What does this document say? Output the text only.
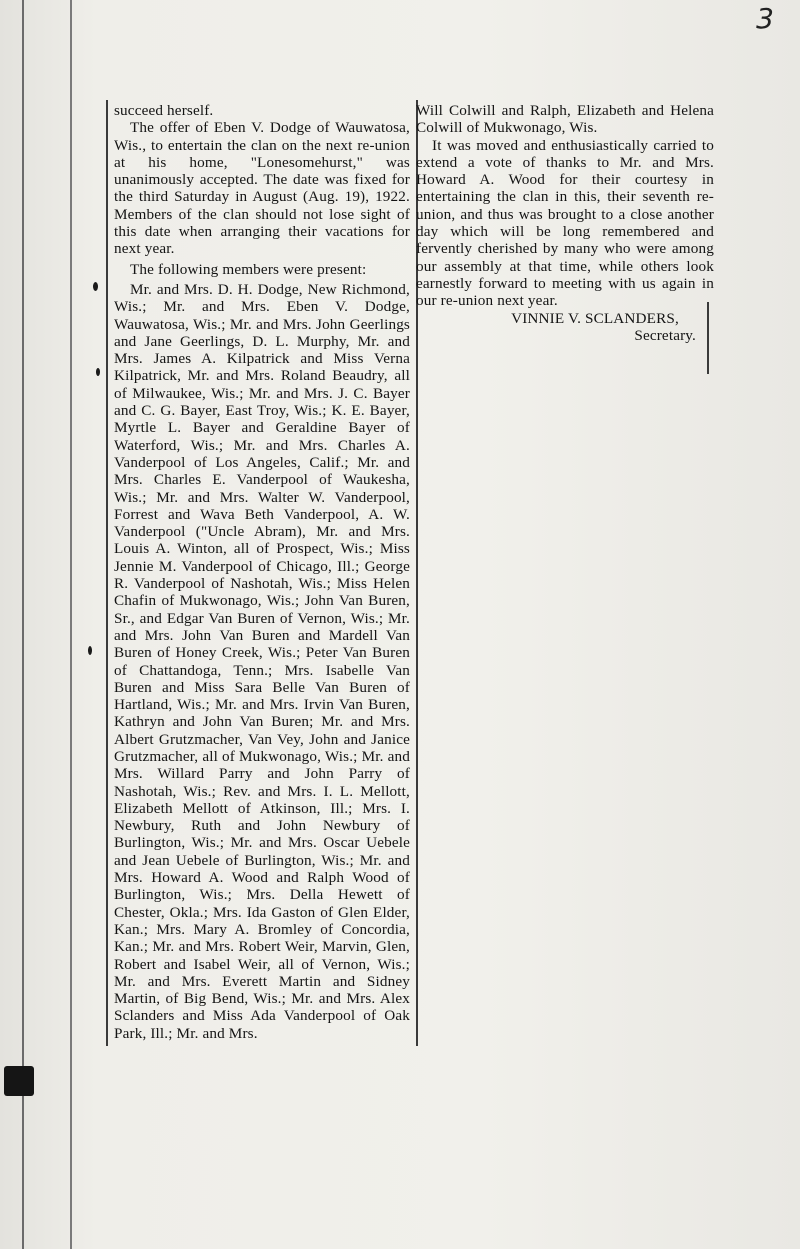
3

succeed herself.

The offer of Eben V. Dodge of Wauwatosa, Wis., to entertain the clan on the next re-union at his home, "Lonesomehurst," was unanimously accepted. The date was fixed for the third Saturday in August (Aug. 19), 1922. Members of the clan should not lose sight of this date when arranging their vacations for next year.

The following members were present:

Mr. and Mrs. D. H. Dodge, New Richmond, Wis.; Mr. and Mrs. Eben V. Dodge, Wauwatosa, Wis.; Mr. and Mrs. John Geerlings and Jane Geerlings, D. L. Murphy, Mr. and Mrs. James A. Kilpatrick and Miss Verna Kilpatrick, Mr. and Mrs. Roland Beaudry, all of Milwaukee, Wis.; Mr. and Mrs. J. C. Bayer and C. G. Bayer, East Troy, Wis.; K. E. Bayer, Myrtle L. Bayer and Geraldine Bayer of Waterford, Wis.; Mr. and Mrs. Charles A. Vanderpool of Los Angeles, Calif.; Mr. and Mrs. Charles E. Vanderpool of Waukesha, Wis.; Mr. and Mrs. Walter W. Vanderpool, Forrest and Wava Beth Vanderpool, A. W. Vanderpool ("Uncle Abram), Mr. and Mrs. Louis A. Winton, all of Prospect, Wis.; Miss Jennie M. Vanderpool of Chicago, Ill.; George R. Vanderpool of Nashotah, Wis.; Miss Helen Chafin of Mukwonago, Wis.; John Van Buren, Sr., and Edgar Van Buren of Vernon, Wis.; Mr. and Mrs. John Van Buren and Mardell Van Buren of Honey Creek, Wis.; Peter Van Buren of Chattandoga, Tenn.; Mrs. Isabelle Van Buren and Miss Sara Belle Van Buren of Hartland, Wis.; Mr. and Mrs. Irvin Van Buren, Kathryn and John Van Buren; Mr. and Mrs. Albert Grutzmacher, Van Vey, John and Janice Grutzmacher, all of Mukwonago, Wis.; Mr. and Mrs. Willard Parry and John Parry of Nashotah, Wis.; Rev. and Mrs. I. L. Mellott, Elizabeth Mellott of Atkinson, Ill.; Mrs. I. Newbury, Ruth and John Newbury of Burlington, Wis.; Mr. and Mrs. Oscar Uebele and Jean Uebele of Burlington, Wis.; Mr. and Mrs. Howard A. Wood and Ralph Wood of Burlington, Wis.; Mrs. Della Hewett of Chester, Okla.; Mrs. Ida Gaston of Glen Elder, Kan.; Mrs. Mary A. Bromley of Concordia, Kan.; Mr. and Mrs. Robert Weir, Marvin, Glen, Robert and Isabel Weir, all of Vernon, Wis.; Mr. and Mrs. Everett Martin and Sidney Martin, of Big Bend, Wis.; Mr. and Mrs. Alex Sclanders and Miss Ada Vanderpool of Oak Park, Ill.; Mr. and Mrs.

Will Colwill and Ralph, Elizabeth and Helena Colwill of Mukwonago, Wis.

It was moved and enthusiastically carried to extend a vote of thanks to Mr. and Mrs. Howard A. Wood for their courtesy in entertaining the clan in this, their seventh re-union, and thus was brought to a close another day which will be long remembered and fervently cherished by many who were among our assembly at that time, while others look earnestly forward to meeting with us again in our re-union next year.

VINNIE V. SCLANDERS,

Secretary.
